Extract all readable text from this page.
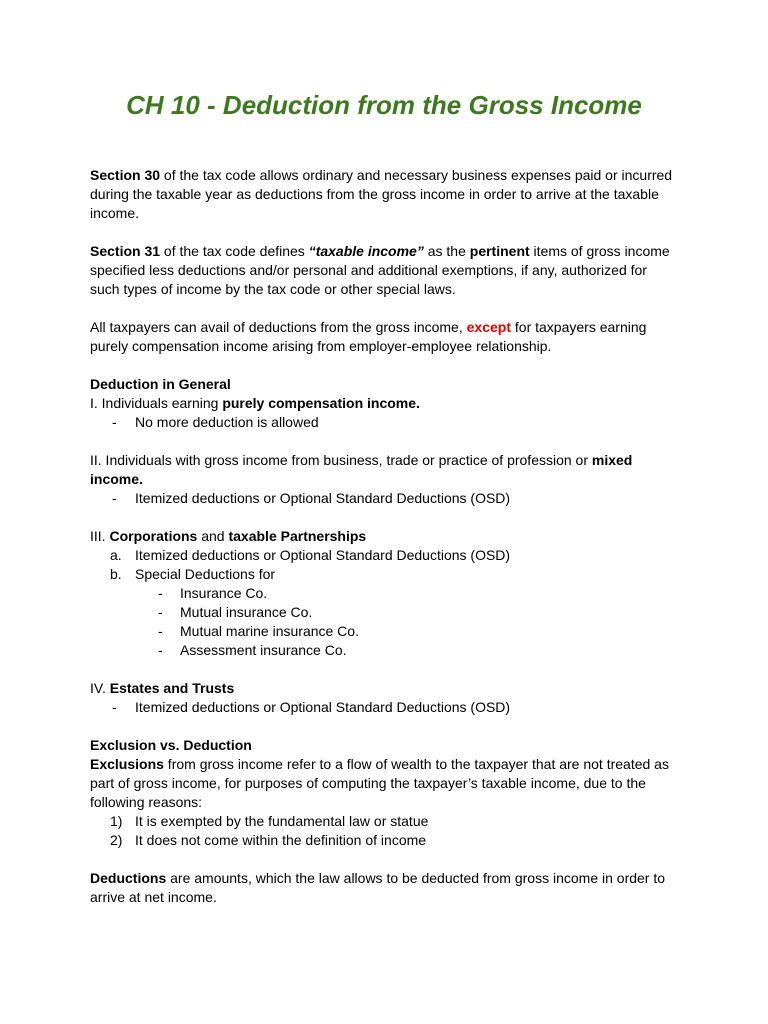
CH 10 - Deduction from the Gross Income

Section 30 of the tax code allows ordinary and necessary business expenses paid or incurred during the taxable year as deductions from the gross income in order to arrive at the taxable income.

Section 31 of the tax code defines “taxable income” as the pertinent items of gross income specified less deductions and/or personal and additional exemptions, if any, authorized for such types of income by the tax code or other special laws.

All taxpayers can avail of deductions from the gross income, except for taxpayers earning purely compensation income arising from employer-employee relationship.

Deduction in General
I. Individuals earning purely compensation income.
- No more deduction is allowed
II. Individuals with gross income from business, trade or practice of profession or mixed income.
- Itemized deductions or Optional Standard Deductions (OSD)
III. Corporations and taxable Partnerships
a. Itemized deductions or Optional Standard Deductions (OSD)
b. Special Deductions for
- Insurance Co.
- Mutual insurance Co.
- Mutual marine insurance Co.
- Assessment insurance Co.
IV. Estates and Trusts
- Itemized deductions or Optional Standard Deductions (OSD)
Exclusion vs. Deduction
Exclusions from gross income refer to a flow of wealth to the taxpayer that are not treated as part of gross income, for purposes of computing the taxpayer’s taxable income, due to the following reasons:
1) It is exempted by the fundamental law or statue
2) It does not come within the definition of income

Deductions are amounts, which the law allows to be deducted from gross income in order to arrive at net income.
